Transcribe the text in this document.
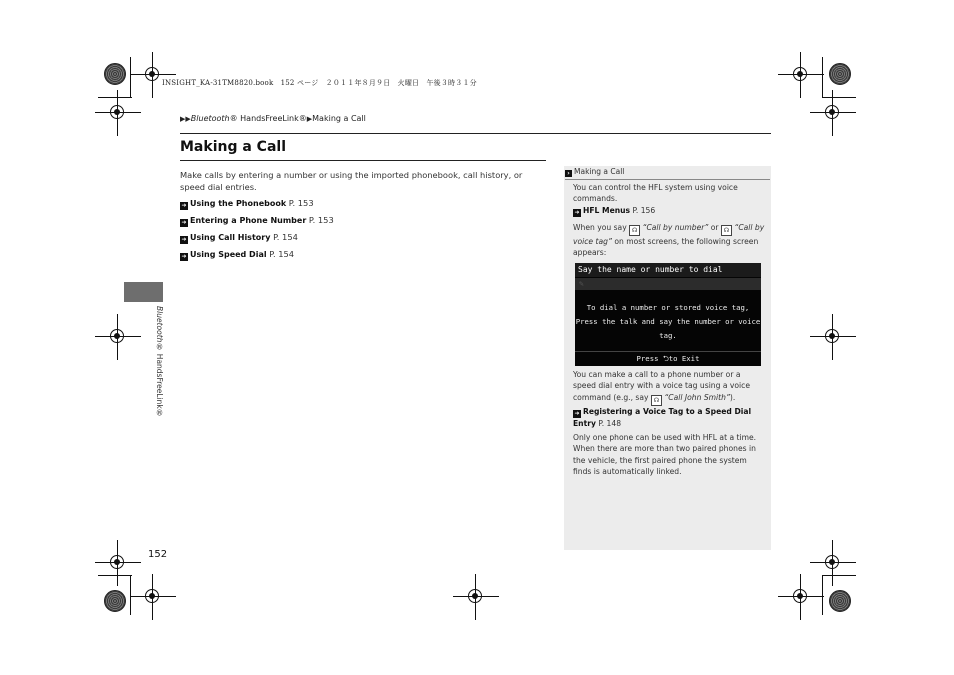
INSIGHT_KA-31TM8820.book　152 ページ　２０１１年８月９日　火曜日　午後３時３１分
▶▶Bluetooth® HandsFreeLink®▶Making a Call
Making a Call
Make calls by entering a number or using the imported phonebook, call history, or speed dial entries.
➜ Using the Phonebook P. 153
➜ Entering a Phone Number P. 153
➜ Using Call History P. 154
➜ Using Speed Dial P. 154
Bluetooth® HandsFreeLink®
› Making a Call
You can control the HFL system using voice commands.
➜ HFL Menus P. 156
When you say ☊ “Call by number” or ☊ “Call by voice tag” on most screens, the following screen appears:
Say the name or number to dial
✎
To dial a number or stored voice tag,
Press the talk and say the number or voice
tag.
Press ⮌to Exit
You can make a call to a phone number or a speed dial entry with a voice tag using a voice command (e.g., say ☊ “Call John Smith”).
➜ Registering a Voice Tag to a Speed Dial Entry P. 148
Only one phone can be used with HFL at a time. When there are more than two paired phones in the vehicle, the first paired phone the system finds is automatically linked.
152
